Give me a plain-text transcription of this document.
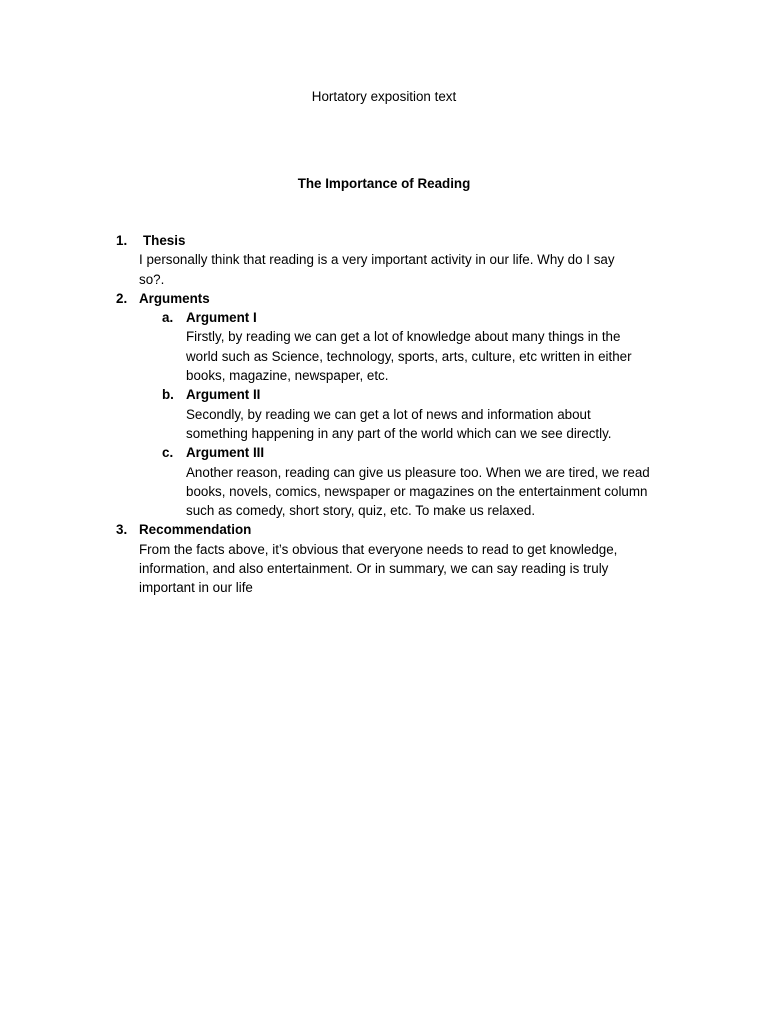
Hortatory exposition text
The Importance of Reading
1. Thesis
I personally think that reading is a very important activity in our life. Why do I say
so?.
2. Arguments
a. Argument I
Firstly, by reading we can get a lot of knowledge about many things in the
world such as Science, technology, sports, arts, culture, etc written in either
books, magazine, newspaper, etc.
b. Argument II
Secondly, by reading we can get a lot of news and information about
something happening in any part of the world which can we see directly.
c. Argument III
Another reason, reading can give us pleasure too. When we are tired, we read
books, novels, comics, newspaper or magazines on the entertainment column
such as comedy, short story, quiz, etc. To make us relaxed.
3. Recommendation
From the facts above, it’s obvious that everyone needs to read to get knowledge,
information, and also entertainment. Or in summary, we can say reading is truly
important in our life
